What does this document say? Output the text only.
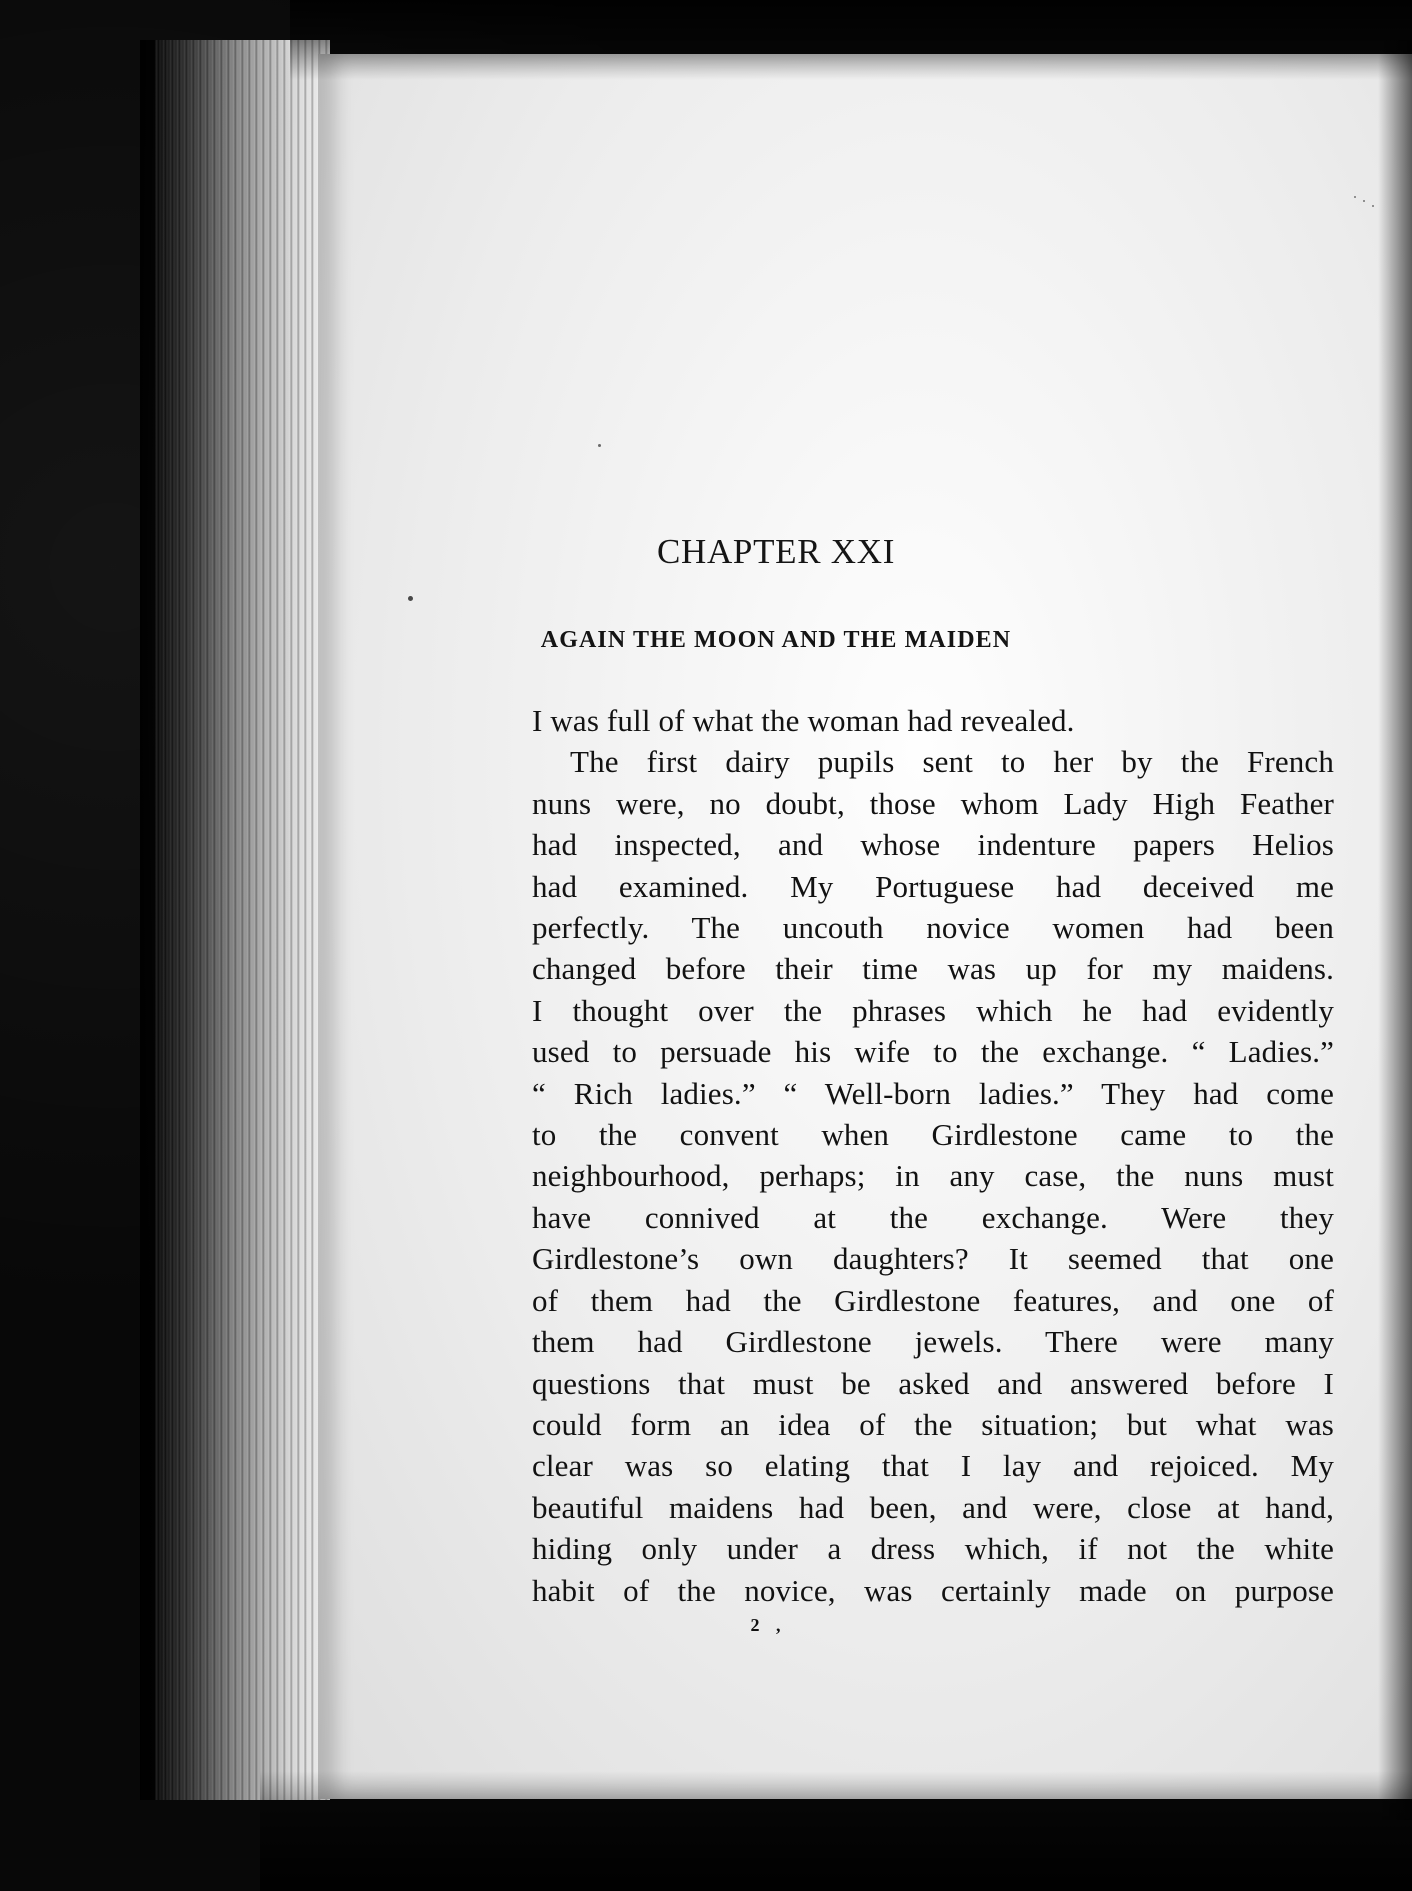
CHAPTER XXI
AGAIN THE MOON AND THE MAIDEN
I was full of what the woman had revealed.
The first dairy pupils sent to her by the French
nuns were, no doubt, those whom Lady High Feather
had inspected, and whose indenture papers Helios
had examined. My Portuguese had deceived me
perfectly. The uncouth novice women had been
changed before their time was up for my maidens.
I thought over the phrases which he had evidently
used to persuade his wife to the exchange. “ Ladies.”
“ Rich ladies.” “ Well-born ladies.” They had come
to the convent when Girdlestone came to the
neighbourhood, perhaps; in any case, the nuns must
have connived at the exchange. Were they
Girdlestone’s own daughters? It seemed that one
of them had the Girdlestone features, and one of
them had Girdlestone jewels. There were many
questions that must be asked and answered before I
could form an idea of the situation; but what was
clear was so elating that I lay and rejoiced. My
beautiful maidens had been, and were, close at hand,
hiding only under a dress which, if not the white
habit of the novice, was certainly made on purpose
2 ,
